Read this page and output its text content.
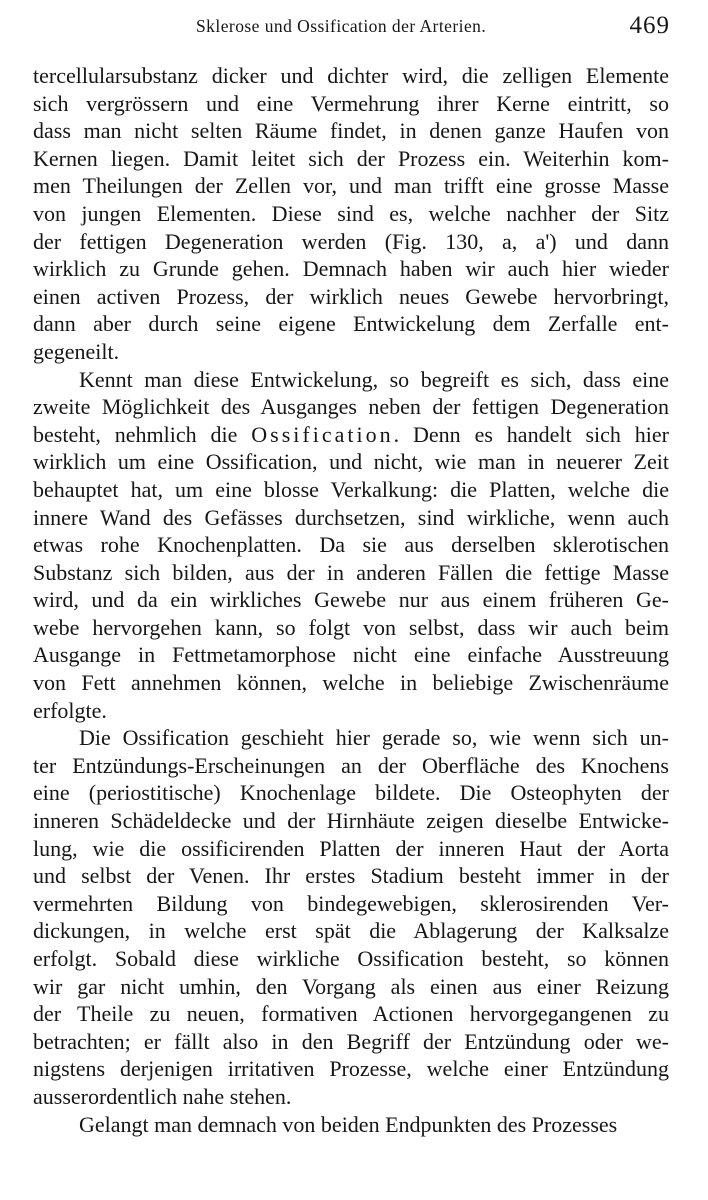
Sklerose und Ossification der Arterien.	469
tercellularsubstanz dicker und dichter wird, die zelligen Elemente
sich vergrössern und eine Vermehrung ihrer Kerne eintritt, so
dass man nicht selten Räume findet, in denen ganze Haufen von
Kernen liegen. Damit leitet sich der Prozess ein. Weiterhin kom-
men Theilungen der Zellen vor, und man trifft eine grosse Masse
von jungen Elementen. Diese sind es, welche nachher der Sitz
der fettigen Degeneration werden (Fig. 130, a, a') und dann
wirklich zu Grunde gehen. Demnach haben wir auch hier wieder
einen activen Prozess, der wirklich neues Gewebe hervorbringt,
dann aber durch seine eigene Entwickelung dem Zerfalle ent-
gegeneilt.
Kennt man diese Entwickelung, so begreift es sich, dass eine
zweite Möglichkeit des Ausganges neben der fettigen Degeneration
besteht, nehmlich die Ossification. Denn es handelt sich hier
wirklich um eine Ossification, und nicht, wie man in neuerer Zeit
behauptet hat, um eine blosse Verkalkung: die Platten, welche die
innere Wand des Gefässes durchsetzen, sind wirkliche, wenn auch
etwas rohe Knochenplatten. Da sie aus derselben sklerotischen
Substanz sich bilden, aus der in anderen Fällen die fettige Masse
wird, und da ein wirkliches Gewebe nur aus einem früheren Ge-
webe hervorgehen kann, so folgt von selbst, dass wir auch beim
Ausgange in Fettmetamorphose nicht eine einfache Ausstreuung
von Fett annehmen können, welche in beliebige Zwischenräume
erfolgte.
Die Ossification geschieht hier gerade so, wie wenn sich un-
ter Entzündungs-Erscheinungen an der Oberfläche des Knochens
eine (periostitische) Knochenlage bildete. Die Osteophyten der
inneren Schädeldecke und der Hirnhäute zeigen dieselbe Entwicke-
lung, wie die ossificirenden Platten der inneren Haut der Aorta
und selbst der Venen. Ihr erstes Stadium besteht immer in der
vermehrten Bildung von bindegewebigen, sklerosirenden Ver-
dickungen, in welche erst spät die Ablagerung der Kalksalze
erfolgt. Sobald diese wirkliche Ossification besteht, so können
wir gar nicht umhin, den Vorgang als einen aus einer Reizung
der Theile zu neuen, formativen Actionen hervorgegangenen zu
betrachten; er fällt also in den Begriff der Entzündung oder we-
nigstens derjenigen irritativen Prozesse, welche einer Entzündung
ausserordentlich nahe stehen.
Gelangt man demnach von beiden Endpunkten des Prozesses
